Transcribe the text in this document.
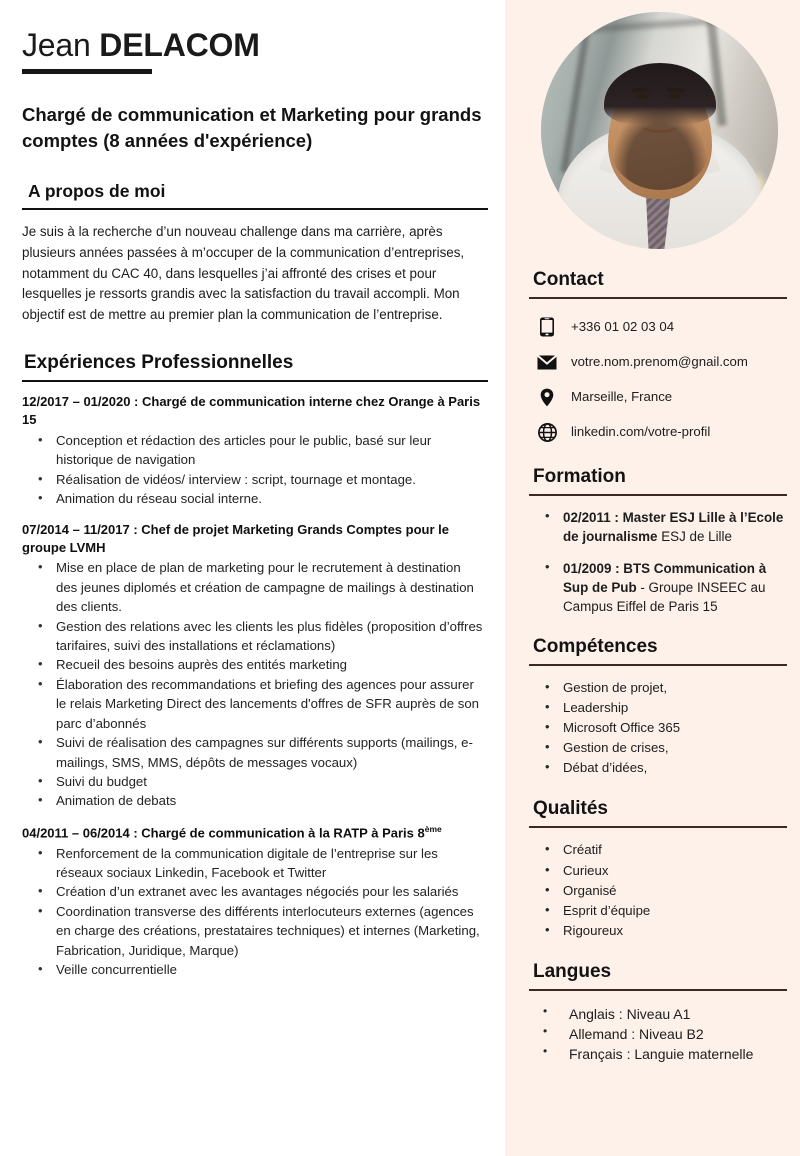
Jean DELACOM
Chargé de communication et Marketing pour grands comptes (8 années d'expérience)
A propos de moi
Je suis à la recherche d’un nouveau challenge dans ma carrière, après plusieurs années passées à m’occuper de la communication d’entreprises, notamment du CAC 40, dans lesquelles j’ai affronté des crises et pour lesquelles je ressorts grandis avec la satisfaction du travail accompli. Mon objectif est de mettre au premier plan la communication de l’entreprise.
Expériences Professionnelles
12/2017 – 01/2020 : Chargé de communication interne chez Orange à Paris 15
• Conception et rédaction des articles pour le public, basé sur leur historique de navigation
• Réalisation de vidéos/ interview : script, tournage et montage.
• Animation du réseau social interne.
07/2014 – 11/2017 : Chef de projet Marketing Grands Comptes pour le groupe LVMH
• Mise en place de plan de marketing pour le recrutement à destination des jeunes diplomés et création de campagne de mailings à destination des clients.
• Gestion des relations avec les clients les plus fidèles (proposition d’offres tarifaires, suivi des installations et réclamations)
• Recueil des besoins auprès des entités marketing
• Élaboration des recommandations et briefing des agences pour assurer le relais Marketing Direct des lancements d'offres de SFR auprès de son parc d’abonnés
• Suivi de réalisation des campagnes sur différents supports (mailings, e-mailings, SMS, MMS, dépôts de messages vocaux)
• Suivi du budget
• Animation de debats
04/2011 – 06/2014 : Chargé de communication à la RATP à Paris 8ème
• Renforcement de la communication digitale de l’entreprise sur les réseaux sociaux Linkedin, Facebook et Twitter
• Création d’un extranet avec les avantages négociés pour les salariés
• Coordination transverse des différents interlocuteurs externes (agences en charge des créations, prestataires techniques) et internes (Marketing, Fabrication, Juridique, Marque)
• Veille concurrentielle
Contact
+336 01 02 03 04
votre.nom.prenom@gnail.com
Marseille, France
linkedin.com/votre-profil
Formation
• 02/2011 : Master ESJ Lille à l’Ecole de journalisme ESJ de Lille
• 01/2009 : BTS Communication à Sup de Pub - Groupe INSEEC au Campus Eiffel de Paris 15
Compétences
• Gestion de projet,
• Leadership
• Microsoft Office 365
• Gestion de crises,
• Débat d’idées,
Qualités
• Créatif
• Curieux
• Organisé
• Esprit d’équipe
• Rigoureux
Langues
• Anglais : Niveau A1
• Allemand : Niveau B2
• Français : Languie maternelle
